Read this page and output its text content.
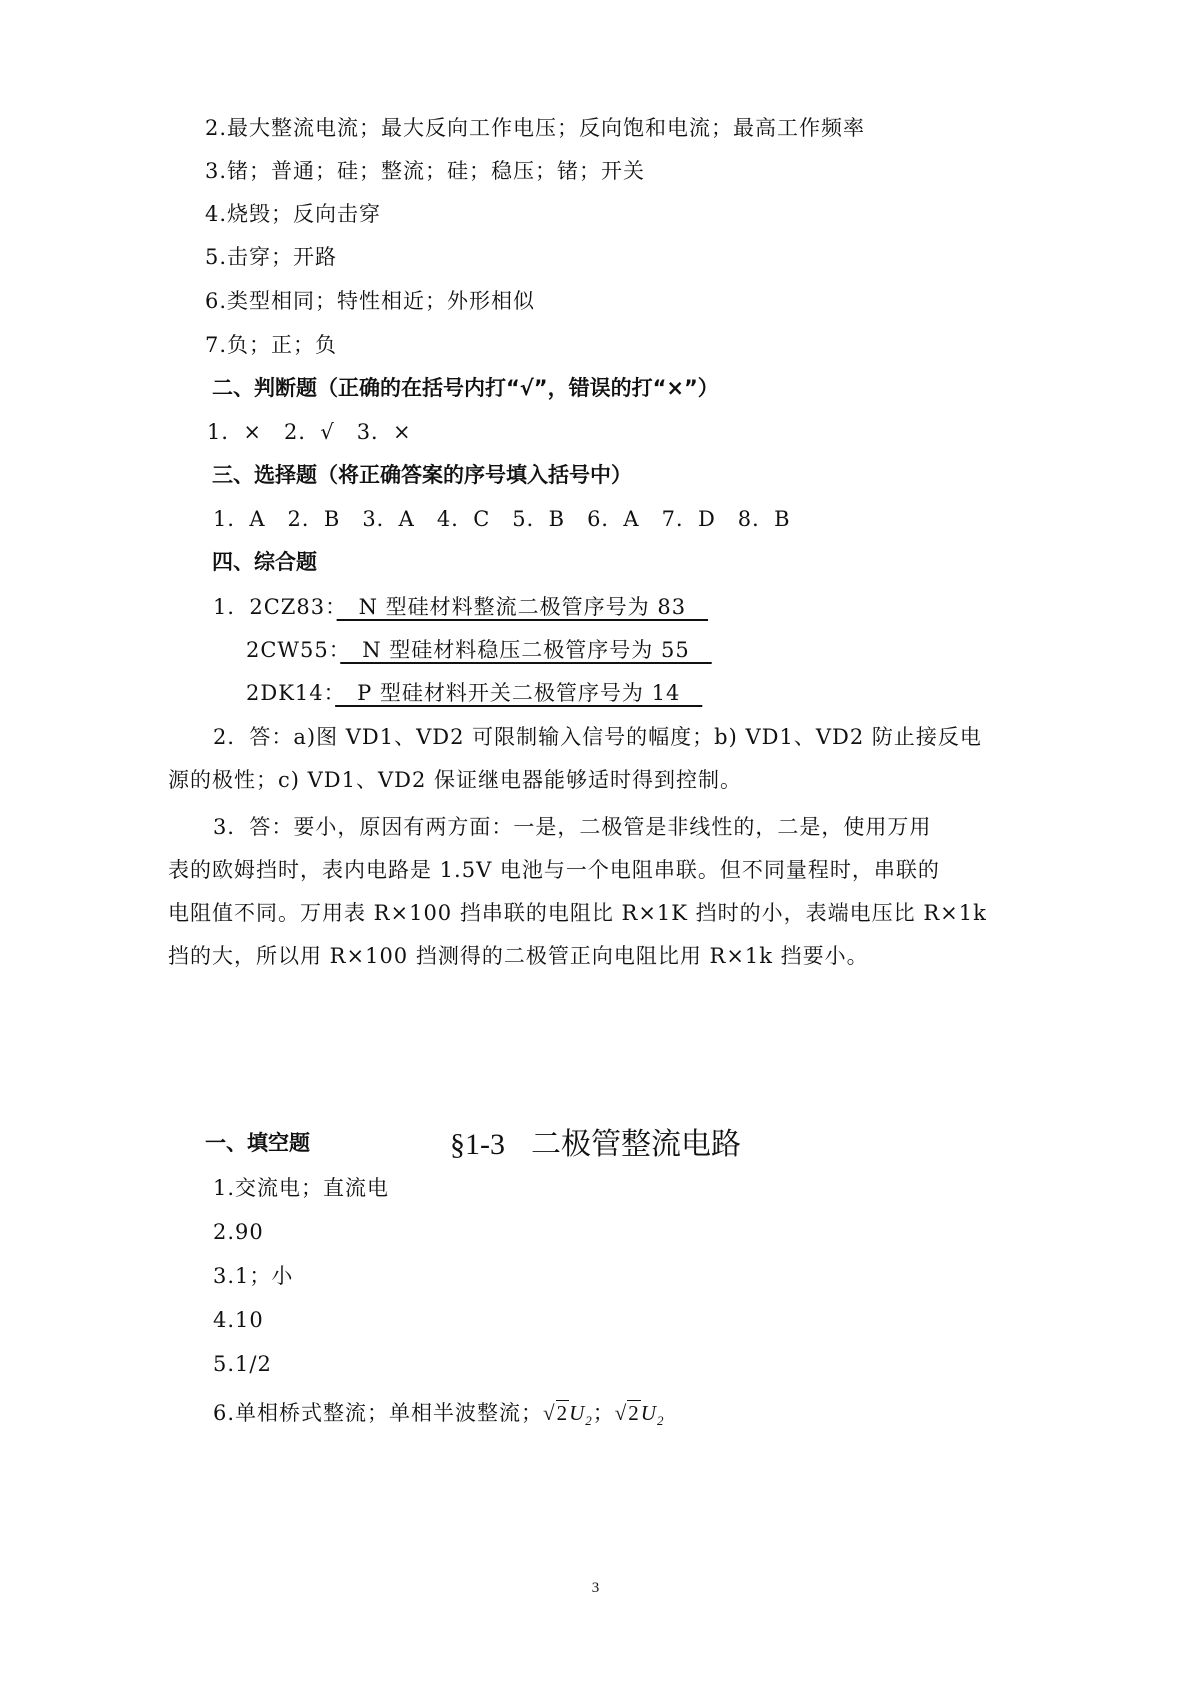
2.最大整流电流；最大反向工作电压；反向饱和电流；最高工作频率
3.锗；普通；硅；整流；硅；稳压；锗；开关
4.烧毁；反向击穿
5.击穿；开路
6.类型相同；特性相近；外形相似
7.负；正；负
二、判断题（正确的在括号内打“√”，错误的打“×”）
1．×　2．√　3．×
三、选择题（将正确答案的序号填入括号中）
1．A　2．B　3．A　4．C　5．B　6．A　7．D　8．B
四、综合题
1．2CZ83：　N 型硅材料整流二极管序号为 83　
2CW55：　N 型硅材料稳压二极管序号为 55　
2DK14：　P 型硅材料开关二极管序号为 14　
2．答：a)图 VD1、VD2 可限制输入信号的幅度；b) VD1、VD2 防止接反电
源的极性；c) VD1、VD2 保证继电器能够适时得到控制。
3．答：要小，原因有两方面：一是，二极管是非线性的，二是，使用万用
表的欧姆挡时，表内电路是 1.5V 电池与一个电阻串联。但不同量程时，串联的
电阻值不同。万用表 R×100 挡串联的电阻比 R×1K 挡时的小，表端电压比 R×1k
挡的大，所以用 R×100 挡测得的二极管正向电阻比用 R×1k 挡要小。
§1-3 二极管整流电路
一、填空题
1.交流电；直流电
2.90
3.1；小
4.10
5.1/2
6.单相桥式整流；单相半波整流；$√2U_2$；$√2U_2$
3
